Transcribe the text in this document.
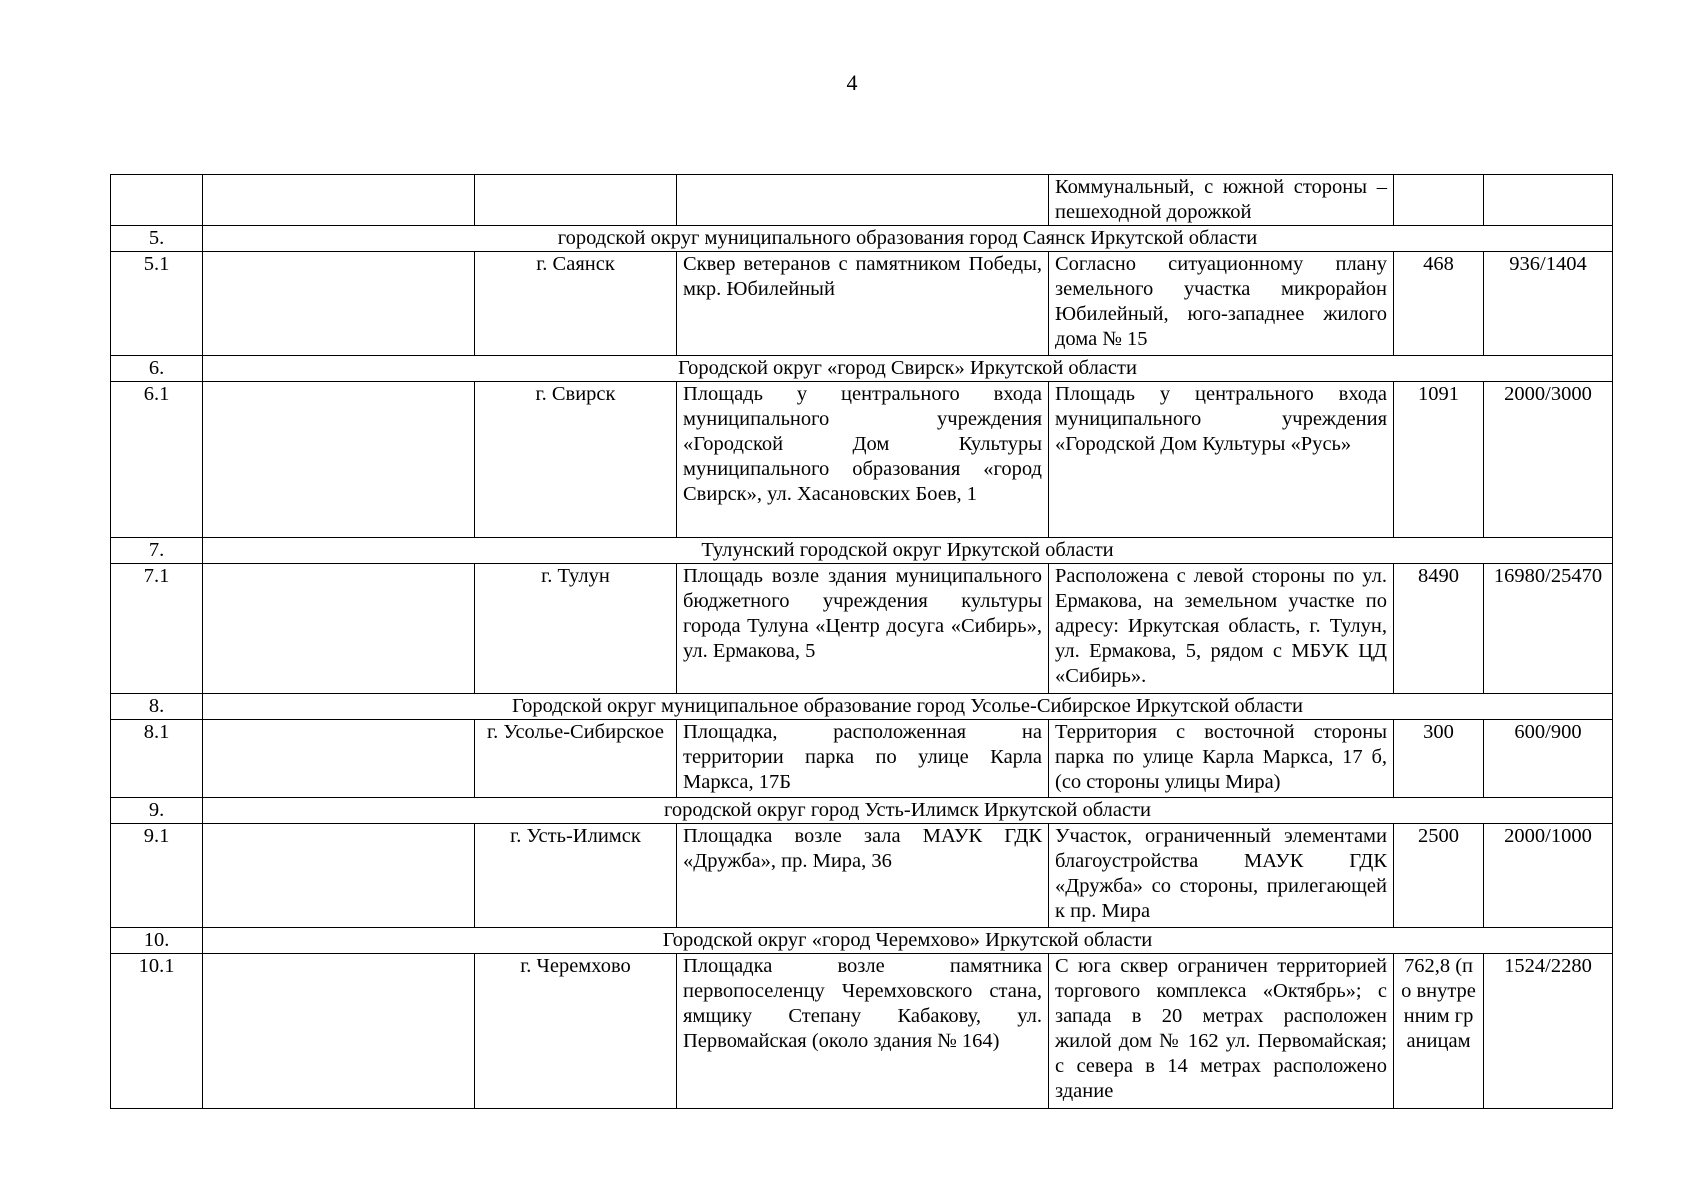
4
				Коммунальный, с южной стороны – пешеходной дорожкой		
5.	городской округ муниципального образования город Саянск Иркутской области					
5.1		г. Саянск	Сквер ветеранов с памятником Победы, мкр. Юбилейный	Согласно ситуационному плану земельного участка микрорайон Юбилейный, юго-западнее жилого дома № 15	468	936/1404
6.	Городской округ «город Свирск» Иркутской области					
6.1		г. Свирск	Площадь у центрального входа муниципального учреждения «Городской Дом Культуры муниципального образования «город Свирск», ул. Хасановских Боев, 1	Площадь у центрального входа муниципального учреждения «Городской Дом Культуры «Русь»	1091	2000/3000
7.	Тулунский городской округ Иркутской области					
7.1		г. Тулун	Площадь возле здания муниципального бюджетного учреждения культуры города Тулуна «Центр досуга «Сибирь», ул. Ермакова, 5	Расположена с левой стороны по ул. Ермакова, на земельном участке по адресу: Иркутская область, г. Тулун, ул. Ермакова, 5, рядом с МБУК ЦД «Сибирь».	8490	16980/25470
8.	Городской округ муниципальное образование город Усолье-Сибирское Иркутской области					
8.1		г. Усолье-Сибирское	Площадка, расположенная на территории парка по улице Карла Маркса, 17Б	Территория с восточной стороны парка по улице Карла Маркса, 17 б, (со стороны улицы Мира)	300	600/900
9.	городской округ город Усть-Илимск Иркутской области					
9.1		г. Усть-Илимск	Площадка возле зала МАУК ГДК «Дружба», пр. Мира, 36	Участок, ограниченный элементами благоустройства МАУК ГДК «Дружба» со стороны, прилегающей к пр. Мира	2500	2000/1000
10.	Городской округ «город Черемхово» Иркутской области					
10.1		г. Черемхово	Площадка возле памятника первопоселенцу Черемховского стана, ямщику Степану Кабакову, ул. Первомайская (около здания № 164)	С юга сквер ограничен территорией торгового комплекса «Октябрь»; с запада в 20 метрах расположен жилой дом № 162 ул. Первомайская; с севера в 14 метрах расположено здание	762,8 (по внутренним границам	1524/2280
